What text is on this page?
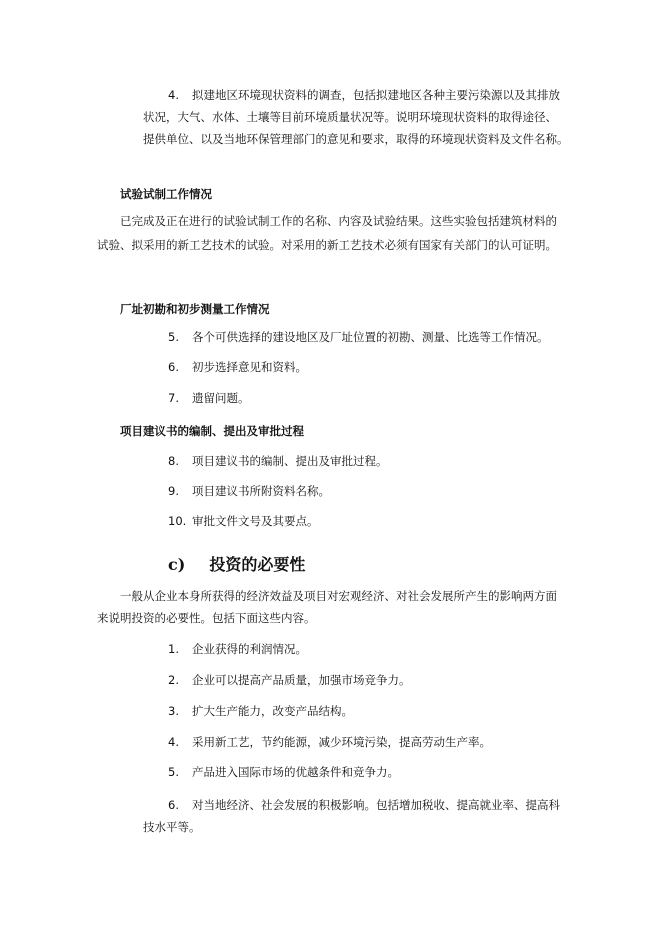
4. 拟建地区环境现状资料的调查，包括拟建地区各种主要污染源以及其排放
状况，大气、水体、土壤等目前环境质量状况等。说明环境现状资料的取得途径、
提供单位、以及当地环保管理部门的意见和要求，取得的环境现状资料及文件名称。
试验试制工作情况
已完成及正在进行的试验试制工作的名称、内容及试验结果。这些实验包括建筑材料的
试验、拟采用的新工艺技术的试验。对采用的新工艺技术必须有国家有关部门的认可证明。
厂址初勘和初步测量工作情况
5. 各个可供选择的建设地区及厂址位置的初勘、测量、比选等工作情况。
6. 初步选择意见和资料。
7. 遗留问题。
项目建议书的编制、提出及审批过程
8. 项目建议书的编制、提出及审批过程。
9. 项目建议书所附资料名称。
10. 审批文件文号及其要点。
c) 投资的必要性
一般从企业本身所获得的经济效益及项目对宏观经济、对社会发展所产生的影响两方面
来说明投资的必要性。包括下面这些内容。
1. 企业获得的利润情况。
2. 企业可以提高产品质量，加强市场竞争力。
3. 扩大生产能力，改变产品结构。
4. 采用新工艺，节约能源，减少环境污染，提高劳动生产率。
5. 产品进入国际市场的优越条件和竞争力。
6. 对当地经济、社会发展的积极影响。包括增加税收、提高就业率、提高科
技水平等。
